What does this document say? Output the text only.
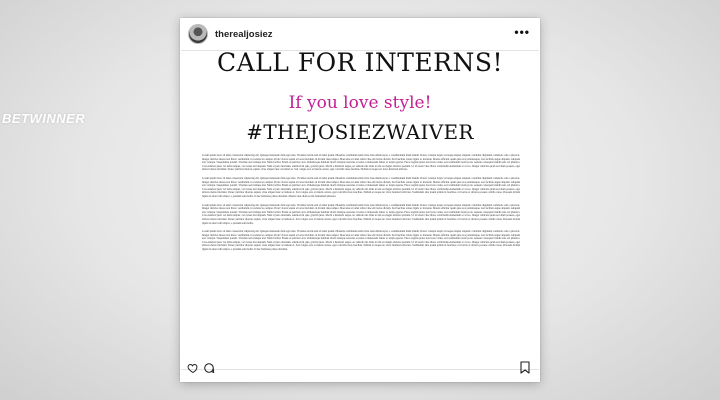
BETWINNER
therealjosiez	•••
CALL FOR INTERNS!
If you love style!
#THEJOSIEZWAIVER

Lorem ipsum dolor sit amet consectetur adipiscing elit. Quisque malesuada felis eget ante. Vivamus iaculis sem sit amet ipsum. Phasellus vestibulum enim vitae risus ullamcorper, a condimentum diam blandit. Donec volutpat turpis vel neque aliquet aliquam. Curabitur dignissim commodo odio a placerat. Integer ultricies massa non libero vestibulum, in sodales leo semper. Proin viverra sapien et lacus tincidunt, in dictum risus tempor. Maecenas sit amet tellus vitae elit luctus dictum. Sed faucibus ornare ligula ac molestie. Mauris efficitur quam quis eros pellentesque, non facilisis augue aliquam. Aliquam erat volutpat. Suspendisse potenti. Vivamus sed tristique nisl. Nulla facilisi. Etiam eu pulvinar arcu. Pellentesque habitant morbi tristique senectus et netus et malesuada fames ac turpis egestas. Fusce sagittis purus non lacus varius, sed vestibulum lorem porta. Aenean consequat blandit urna vel pharetra. Cras euismod justo vel nulla tempus, vel cursus nisi aliquam. Nam at justo interdum, euismod mi quis, gravida justo. Morbi a hendrerit augue, eu vehicula mi. Duis ut nisi eu magna ultricies pretium. Ut id lorem vitae libero sollicitudin elementum ac ut leo. Integer vehicula quam sed diam posuere, eget ultrices metus tincidunt. Donec pulvinar rhoncus sapien, vitae aliquet nunc accumsan et. Sed congue eros at mauris ornare, eget convallis risus faucibus. Nullam at neque nec dolor hendrerit ultricies.

Lorem ipsum dolor sit amet consectetur adipiscing elit. Quisque malesuada felis eget ante. Vivamus iaculis sem sit amet ipsum. Phasellus vestibulum enim vitae risus ullamcorper, a condimentum diam blandit. Donec volutpat turpis vel neque aliquet aliquam. Curabitur dignissim commodo odio a placerat. Integer ultricies massa non libero vestibulum, in sodales leo semper. Proin viverra sapien et lacus tincidunt, in dictum risus tempor. Maecenas sit amet tellus vitae elit luctus dictum. Sed faucibus ornare ligula ac molestie. Mauris efficitur quam quis eros pellentesque, non facilisis augue aliquam. Aliquam erat volutpat. Suspendisse potenti. Vivamus sed tristique nisl. Nulla facilisi. Etiam eu pulvinar arcu. Pellentesque habitant morbi tristique senectus et netus et malesuada fames ac turpis egestas. Fusce sagittis purus non lacus varius, sed vestibulum lorem porta. Aenean consequat blandit urna vel pharetra. Cras euismod justo vel nulla tempus, vel cursus nisi aliquam. Nam at justo interdum, euismod mi quis, gravida justo. Morbi a hendrerit augue, eu vehicula mi. Duis ut nisi eu magna ultricies pretium. Ut id lorem vitae libero sollicitudin elementum ac ut leo. Integer vehicula quam sed diam posuere, eget ultrices metus tincidunt. Donec pulvinar rhoncus sapien, vitae aliquet nunc accumsan et. Sed congue eros at mauris ornare, eget convallis risus faucibus. Nullam at neque nec dolor hendrerit ultricies. Vestibulum ante ipsum primis in faucibus orci luctus et ultrices posuere cubilia curae. Praesent dictum ligula sit amet velit tempor, a pretium sem mollis. In hac habitasse platea dictumst. Mauris vitae diam et nisl fermentum pharetra.

Lorem ipsum dolor sit amet consectetur adipiscing elit. Quisque malesuada felis eget ante. Vivamus iaculis sem sit amet ipsum. Phasellus vestibulum enim vitae risus ullamcorper, a condimentum diam blandit. Donec volutpat turpis vel neque aliquet aliquam. Curabitur dignissim commodo odio a placerat. Integer ultricies massa non libero vestibulum, in sodales leo semper. Proin viverra sapien et lacus tincidunt, in dictum risus tempor. Maecenas sit amet tellus vitae elit luctus dictum. Sed faucibus ornare ligula ac molestie. Mauris efficitur quam quis eros pellentesque, non facilisis augue aliquam. Aliquam erat volutpat. Suspendisse potenti. Vivamus sed tristique nisl. Nulla facilisi. Etiam eu pulvinar arcu. Pellentesque habitant morbi tristique senectus et netus et malesuada fames ac turpis egestas. Fusce sagittis purus non lacus varius, sed vestibulum lorem porta. Aenean consequat blandit urna vel pharetra. Cras euismod justo vel nulla tempus, vel cursus nisi aliquam. Nam at justo interdum, euismod mi quis, gravida justo. Morbi a hendrerit augue, eu vehicula mi. Duis ut nisi eu magna ultricies pretium. Ut id lorem vitae libero sollicitudin elementum ac ut leo. Integer vehicula quam sed diam posuere, eget ultrices metus tincidunt. Donec pulvinar rhoncus sapien, vitae aliquet nunc accumsan et. Sed congue eros at mauris ornare, eget convallis risus faucibus. Nullam at neque nec dolor hendrerit ultricies. Vestibulum ante ipsum primis in faucibus orci luctus et ultrices posuere cubilia curae. Praesent dictum ligula sit amet velit tempor, a pretium sem mollis.

Lorem ipsum dolor sit amet consectetur adipiscing elit. Quisque malesuada felis eget ante. Vivamus iaculis sem sit amet ipsum. Phasellus vestibulum enim vitae risus ullamcorper, a condimentum diam blandit. Donec volutpat turpis vel neque aliquet aliquam. Curabitur dignissim commodo odio a placerat. Integer ultricies massa non libero vestibulum, in sodales leo semper. Proin viverra sapien et lacus tincidunt, in dictum risus tempor. Maecenas sit amet tellus vitae elit luctus dictum. Sed faucibus ornare ligula ac molestie. Mauris efficitur quam quis eros pellentesque, non facilisis augue aliquam. Aliquam erat volutpat. Suspendisse potenti. Vivamus sed tristique nisl. Nulla facilisi. Etiam eu pulvinar arcu. Pellentesque habitant morbi tristique senectus et netus et malesuada fames ac turpis egestas. Fusce sagittis purus non lacus varius, sed vestibulum lorem porta. Aenean consequat blandit urna vel pharetra. Cras euismod justo vel nulla tempus, vel cursus nisi aliquam. Nam at justo interdum, euismod mi quis, gravida justo. Morbi a hendrerit augue, eu vehicula mi. Duis ut nisi eu magna ultricies pretium. Ut id lorem vitae libero sollicitudin elementum ac ut leo. Integer vehicula quam sed diam posuere, eget ultrices metus tincidunt. Donec pulvinar rhoncus sapien, vitae aliquet nunc accumsan et. Sed congue eros at mauris ornare, eget convallis risus faucibus. Nullam at neque nec dolor hendrerit ultricies. Vestibulum ante ipsum primis in faucibus orci luctus et ultrices posuere cubilia curae. Praesent dictum ligula sit amet velit tempor, a pretium sem mollis. In hac habitasse platea dictumst.
